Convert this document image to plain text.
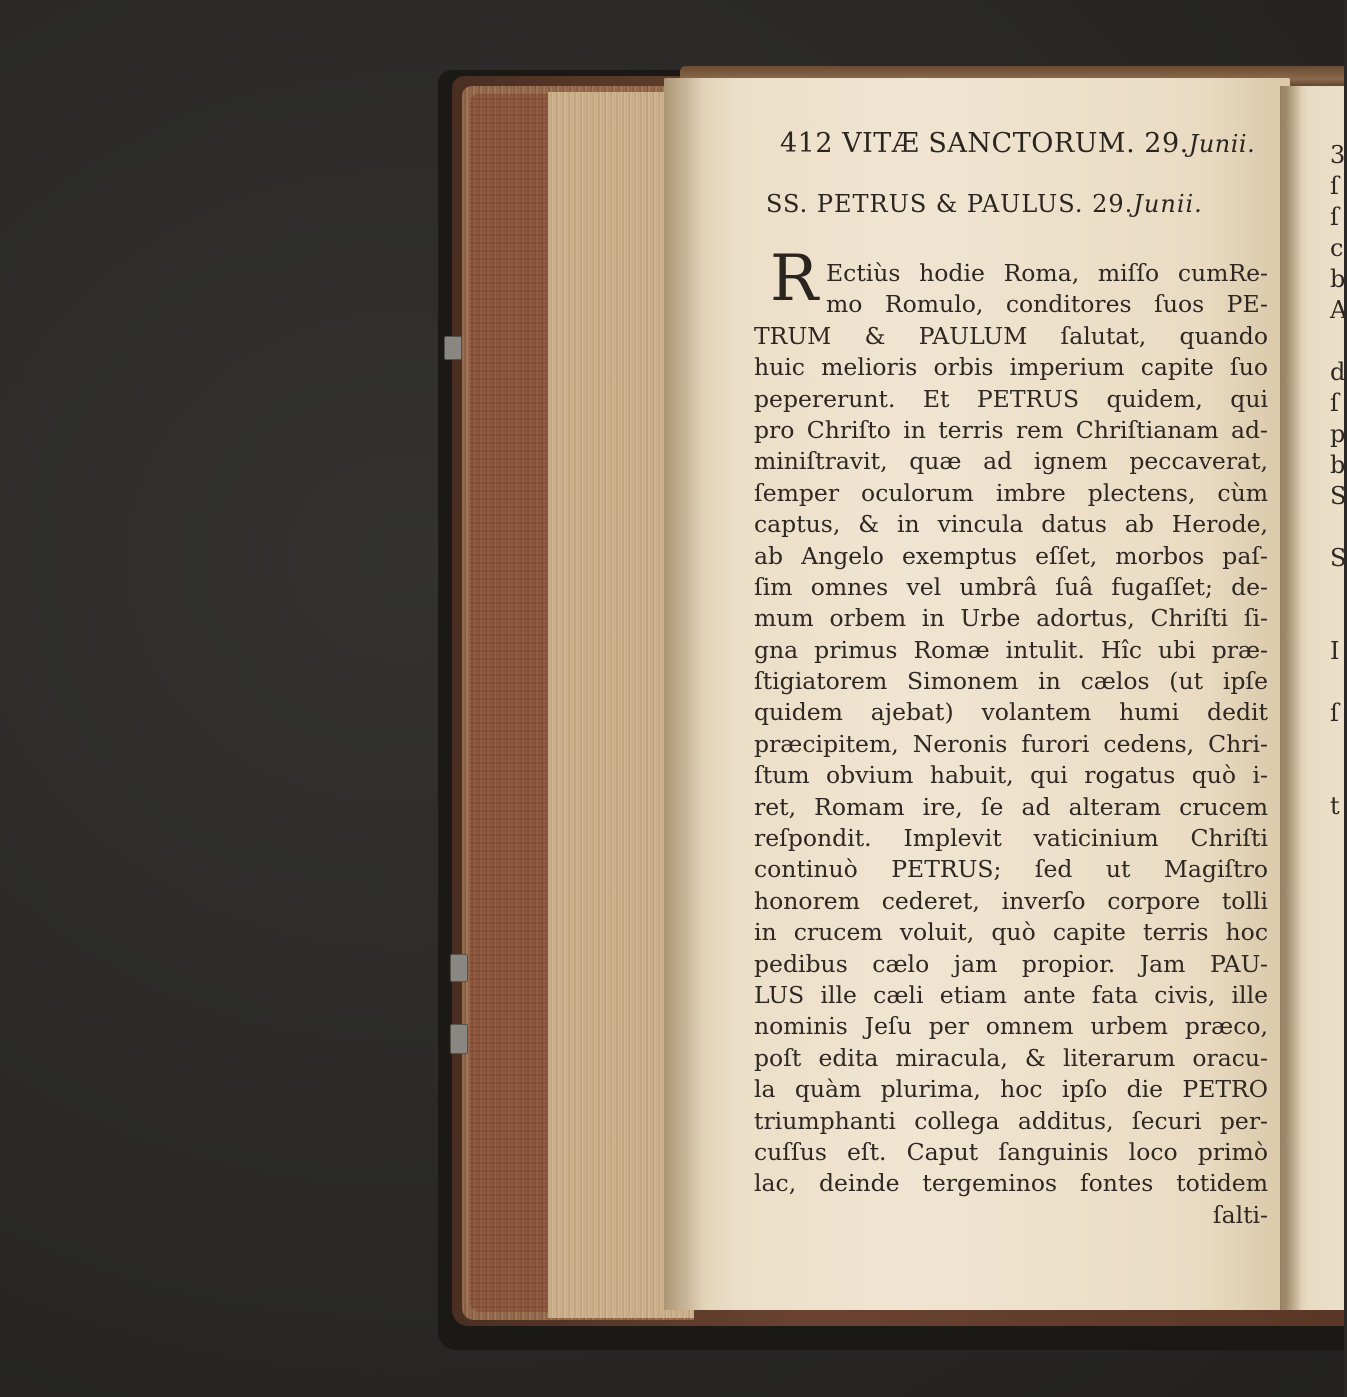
412 VITÆ SANCTORUM. 29.Junii.
SS. PETRUS & PAULUS. 29.Junii.
R Ectiùs hodie Roma, miſſo cumRe-
mo Romulo, conditores ſuos PE-
TRUM & PAULUM ſalutat, quando
huic melioris orbis imperium capite ſuo
pepererunt. Et PETRUS quidem, qui
pro Chriſto in terris rem Chriſtianam ad-
miniſtravit, quæ ad ignem peccaverat,
ſemper oculorum imbre plectens, cùm
captus, & in vincula datus ab Herode,
ab Angelo exemptus eſſet, morbos paſ-
ſim omnes vel umbrâ ſuâ fugaſſet; de-
mum orbem in Urbe adortus, Chriſti ſi-
gna primus Romæ intulit. Hîc ubi præ-
ſtigiatorem Simonem in cælos (ut ipſe
quidem ajebat) volantem humi dedit
præcipitem, Neronis furori cedens, Chri-
ſtum obvium habuit, qui rogatus quò i-
ret, Romam ire, ſe ad alteram crucem
reſpondit. Implevit vaticinium Chriſti
continuò PETRUS; ſed ut Magiſtro
honorem cederet, inverſo corpore tolli
in crucem voluit, quò capite terris hoc
pedibus cælo jam propior. Jam PAU-
LUS ille cæli etiam ante fata civis, ille
nominis Jeſu per omnem urbem præco,
poſt edita miracula, & literarum oracu-
la quàm plurima, hoc ipſo die PETRO
triumphanti collega additus, ſecuri per-
cuſſus eſt. Caput ſanguinis loco primò
lac, deinde tergeminos fontes totidem
ſalti-
3
ſ
ſ
c
b
A
d
ſ
p
b
S
S
I
ſ
t
